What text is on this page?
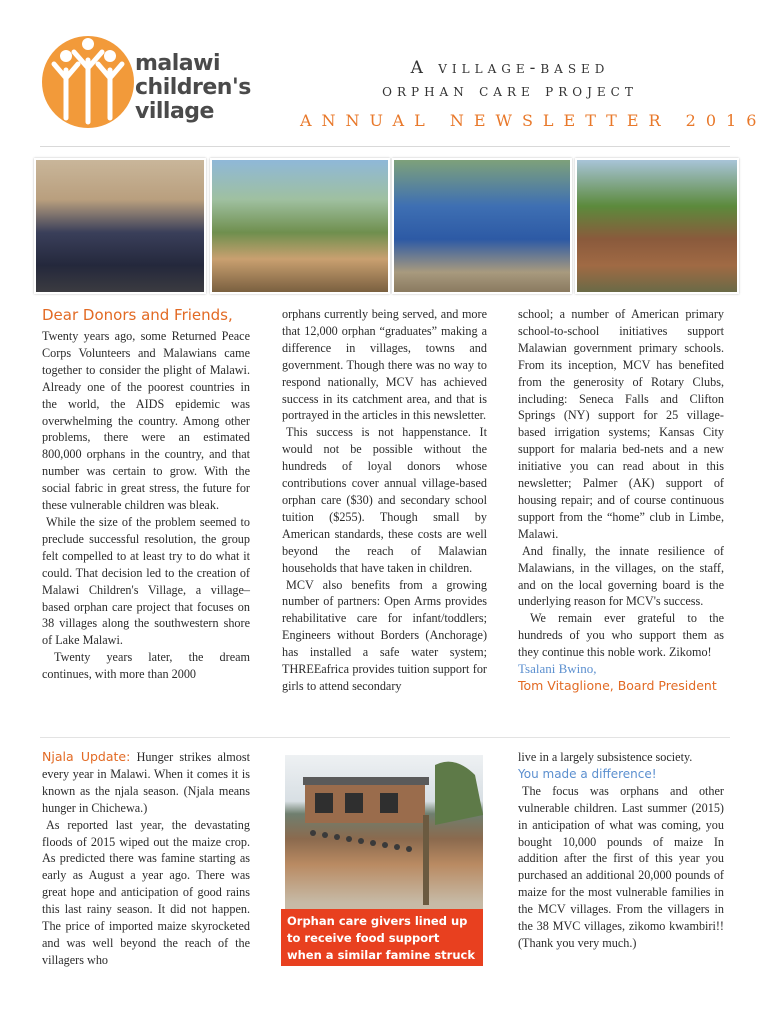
malawi
children's
village
A village-based
orphan care project
ANNUAL NEWSLETTER 2016
Dear Donors and Friends,

Twenty years ago, some Returned Peace Corps Volunteers and Malawians came together to consider the plight of Malawi. Already one of the poorest countries in the world, the AIDS epidemic was overwhelming the country. Among other problems, there were an estimated 800,000 orphans in the country, and that number was certain to grow. With the social fabric in great stress, the future for these vulnerable children was bleak.

While the size of the problem seemed to preclude successful resolution, the group felt compelled to at least try to do what it could. That decision led to the creation of Malawi Children's Village, a village–based orphan care project that focuses on 38 villages along the southwestern shore of Lake Malawi.

Twenty years later, the dream continues, with more than 2000

orphans currently being served, and more that 12,000 orphan “graduates” making a difference in villages, towns and government. Though there was no way to respond nationally, MCV has achieved success in its catchment area, and that is portrayed in the articles in this newsletter.

This success is not happenstance. It would not be possible without the hundreds of loyal donors whose contributions cover annual village-based orphan care ($30) and secondary school tuition ($255). Though small by American standards, these costs are well beyond the reach of Malawian households that have taken in children.

MCV also benefits from a growing number of partners: Open Arms provides rehabilitative care for infant/toddlers; Engineers without Borders (Anchorage) has installed a safe water system; THREEafrica provides tuition support for girls to attend secondary

school; a number of American primary school-to-school initiatives support Malawian government primary schools. From its inception, MCV has benefited from the generosity of Rotary Clubs, including: Seneca Falls and Clifton Springs (NY) support for 25 village-based irrigation systems; Kansas City support for malaria bed-nets and a new initiative you can read about in this newsletter; Palmer (AK) support of housing repair; and of course continuous support from the “home” club in Limbe, Malawi.

And finally, the innate resilience of Malawians, in the villages, on the staff, and on the local governing board is the underlying reason for MCV's success.

We remain ever grateful to the hundreds of you who support them as they continue this noble work. Zikomo!

Tsalani Bwino,

Tom Vitaglione, Board President

Njala Update: Hunger strikes almost every year in Malawi. When it comes it is known as the njala season. (Njala means hunger in Chichewa.)

As reported last year, the devastating floods of 2015 wiped out the maize crop. As predicted there was famine starting as early as August a year ago. There was great hope and anticipation of good rains this last rainy season. It did not happen. The price of imported maize skyrocketed and was well beyond the reach of the villagers who

Orphan care givers lined up to receive food support when a similar famine struck in 2005.

live in a largely subsistence society.

You made a difference!

The focus was orphans and other vulnerable children. Last summer (2015) in anticipation of what was coming, you bought 10,000 pounds of maize In addition after the first of this year you purchased an additional 20,000 pounds of maize for the most vulnerable families in the MCV villages. From the villagers in the 38 MVC villages, zikomo kwambiri!! (Thank you very much.)
